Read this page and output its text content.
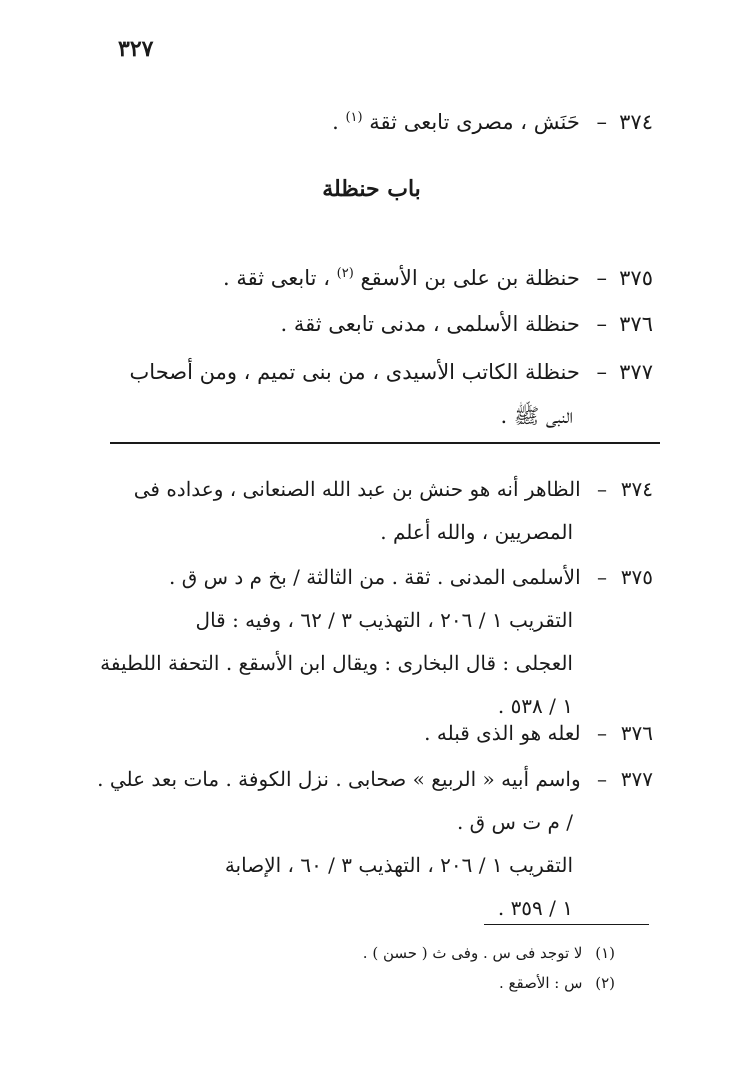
٣٢٧
٣٧٤– حَنَش ، مصرى تابعى ثقة $^{(١)}$ .
باب حنظلة
٣٧٥– حنظلة بن على بن الأسقع $^{(٢)}$ ، تابعى ثقة .
٣٧٦– حنظلة الأسلمى ، مدنى تابعى ثقة .
٣٧٧– حنظلة الكاتب الأسيدى ، من بنى تميم ، ومن أصحاب
النبى ﷺ .
٣٧٤– الظاهر أنه هو حنش بن عبد الله الصنعانى ، وعداده فى
المصريين ، والله أعلم .
٣٧٥– الأسلمى المدنى . ثقة . من الثالثة / بخ م د س ق .
التقريب ١ / ٢٠٦ ، التهذيب ٣ / ٦٢ ، وفيه : قال
العجلى : قال البخارى : ويقال ابن الأسقع . التحفة اللطيفة
١ / ٥٣٨ .
٣٧٦– لعله هو الذى قبله .
٣٧٧– واسم أبيه « الربيع » صحابى . نزل الكوفة . مات بعد علي .
/ م ت س ق .
التقريب ١ / ٢٠٦ ، التهذيب ٣ / ٦٠ ، الإصابة
١ / ٣٥٩ .
(١) لا توجد فى س . وفى ث ( حسن ) .
(٢) س : الأصقع .
